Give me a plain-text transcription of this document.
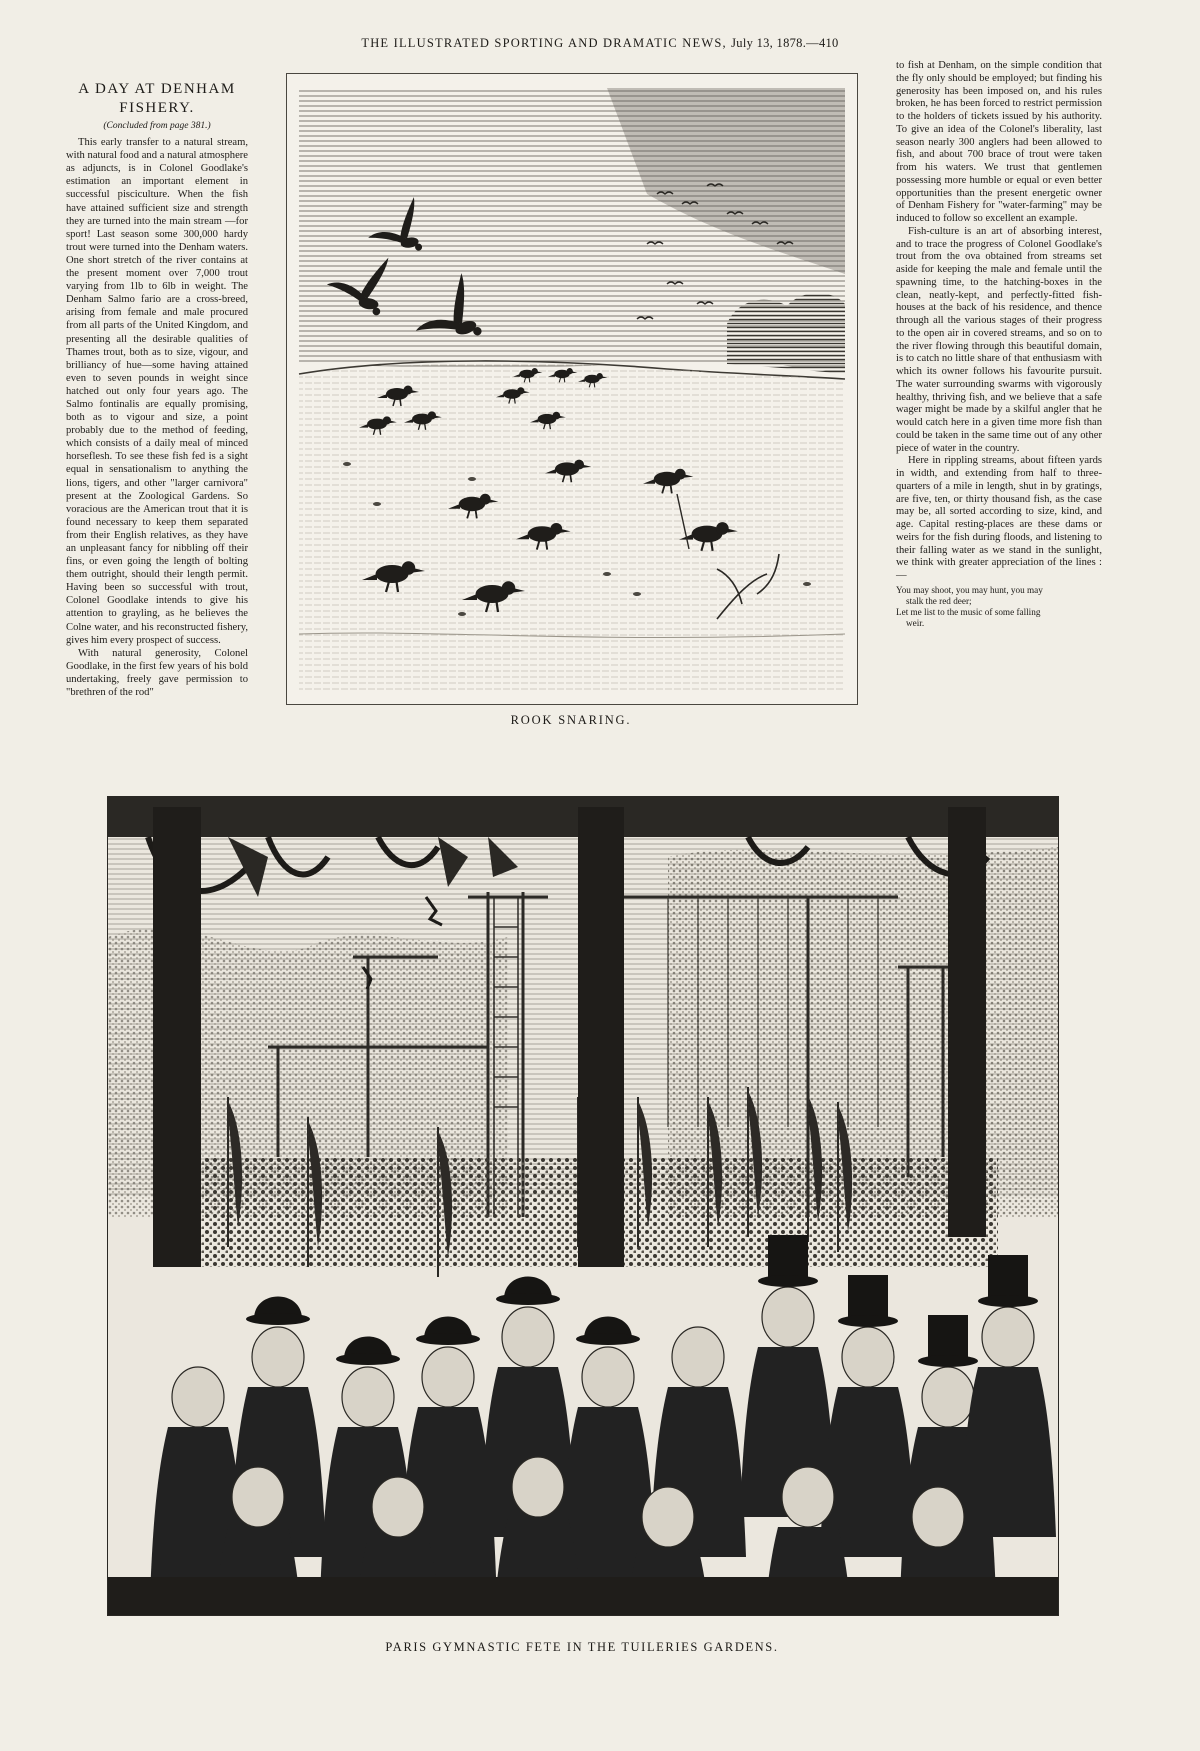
THE ILLUSTRATED SPORTING AND DRAMATIC NEWS, July 13, 1878.—410
A DAY AT DENHAM FISHERY.
(Concluded from page 381.)

This early transfer to a natural stream, with natural food and a natural atmosphere as adjuncts, is in Colonel Goodlake's estimation an important element in successful pisciculture. When the fish have attained sufficient size and strength they are turned into the main stream —for sport! Last season some 300,000 hardy trout were turned into the Denham waters. One short stretch of the river contains at the present moment over 7,000 trout varying from 1lb to 6lb in weight. The Denham Salmo fario are a cross-breed, arising from female and male procured from all parts of the United Kingdom, and presenting all the desirable qualities of Thames trout, both as to size, vigour, and brilliancy of hue—some having attained even to seven pounds in weight since hatched out only four years ago. The Salmo fontinalis are equally promising, both as to vigour and size, a point probably due to the method of feeding, which consists of a daily meal of minced horseflesh. To see these fish fed is a sight equal in sensationalism to anything the lions, tigers, and other "larger carnivora" present at the Zoological Gardens. So voracious are the American trout that it is found necessary to keep them separated from their English relatives, as they have an unpleasant fancy for nibbling off their fins, or even going the length of bolting them outright, should their length permit. Having been so successful with trout, Colonel Goodlake intends to give his attention to grayling, as he believes the Colne water, and his reconstructed fishery, gives him every prospect of success.

With natural generosity, Colonel Goodlake, in the first few years of his bold undertaking, freely gave permission to "brethren of the rod"

ROOK SNARING.

to fish at Denham, on the simple condition that the fly only should be employed; but finding his generosity has been imposed on, and his rules broken, he has been forced to restrict permission to the holders of tickets issued by his authority. To give an idea of the Colonel's liberality, last season nearly 300 anglers had been allowed to fish, and about 700 brace of trout were taken from his waters. We trust that gentlemen possessing more humble or equal or even better opportunities than the present energetic owner of Denham Fishery for "water-farming" may be induced to follow so excellent an example.

Fish-culture is an art of absorbing interest, and to trace the progress of Colonel Goodlake's trout from the ova obtained from streams set aside for keeping the male and female until the spawning time, to the hatching-boxes in the clean, neatly-kept, and perfectly-fitted fish-houses at the back of his residence, and thence through all the various stages of their progress to the open air in covered streams, and so on to the river flowing through this beautiful domain, is to catch no little share of that enthusiasm with which its owner follows his favourite pursuit. The water surrounding swarms with vigorously healthy, thriving fish, and we believe that a safe wager might be made by a skilful angler that he would catch here in a given time more fish than could be taken in the same time out of any other piece of water in the country.

Here in rippling streams, about fifteen yards in width, and extending from half to three-quarters of a mile in length, shut in by gratings, are five, ten, or thirty thousand fish, as the case may be, all sorted according to size, kind, and age. Capital resting-places are these dams or weirs for the fish during floods, and listening to their falling water as we stand in the sunlight, we think with greater appreciation of the lines :—

You may shoot, you may hunt, you may
stalk the red deer;
Let me list to the music of some falling
weir.
PARIS GYMNASTIC FETE IN THE TUILERIES GARDENS.
